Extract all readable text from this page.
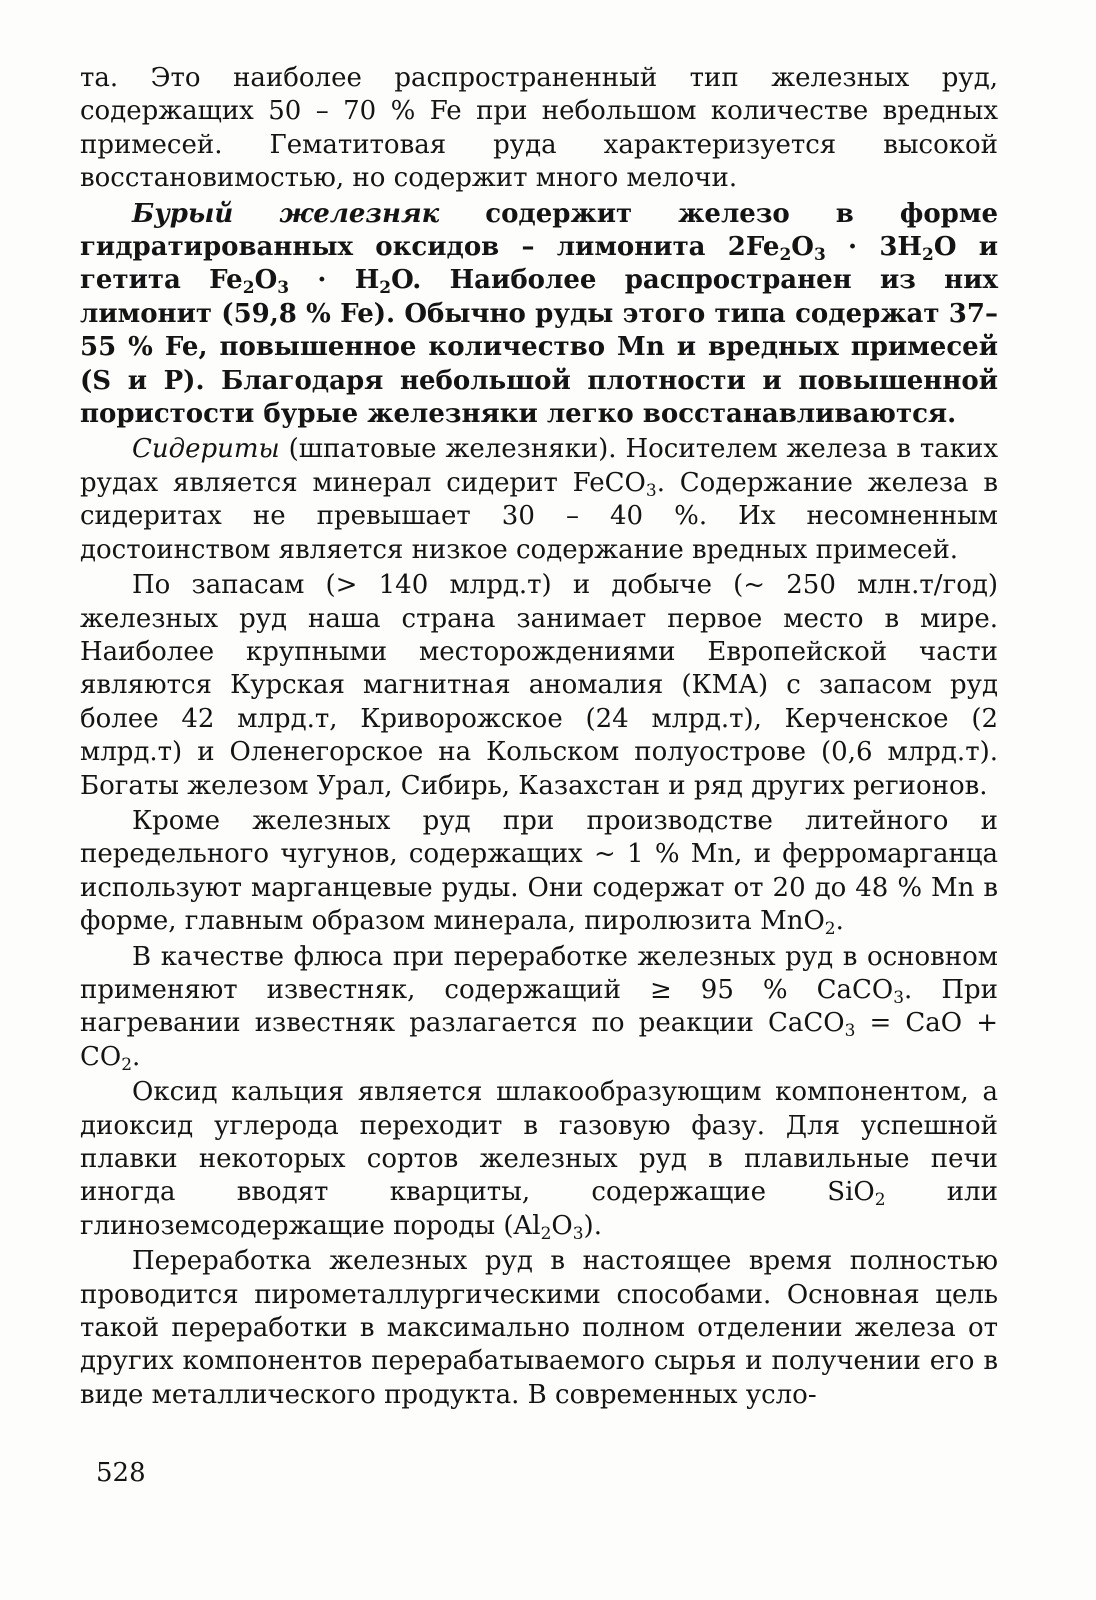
та. Это наиболее распространенный тип железных руд, содержащих 50 – 70 % Fe при небольшом количестве вредных примесей. Гематитовая руда характеризуется высокой восстановимостью, но содержит много мелочи.

Бурый железняк содержит железо в форме гидратированных оксидов – лимонита $2Fe_2O_3 \cdot 3H_2O$ и гетита $Fe_2O_3 \cdot H_2O$. Наиболее распространен из них лимонит (59,8 % Fe). Обычно руды этого типа содержат 37–55 % Fe, повышенное количество Mn и вредных примесей (S и P). Благодаря небольшой плотности и повышенной пористости бурые железняки легко восстанавливаются.

Сидериты (шпатовые железняки). Носителем железа в таких рудах является минерал сидерит FeCO$_3$. Содержание железа в сидеритах не превышает 30 – 40 %. Их несомненным достоинством является низкое содержание вредных примесей.

По запасам (> 140 млрд.т) и добыче (~ 250 млн.т/год) железных руд наша страна занимает первое место в мире. Наиболее крупными месторождениями Европейской части являются Курская магнитная аномалия (КМА) с запасом руд более 42 млрд.т, Криворожское (24 млрд.т), Керченское (2 млрд.т) и Оленегорское на Кольском полуострове (0,6 млрд.т). Богаты железом Урал, Сибирь, Казахстан и ряд других регионов.

Кроме железных руд при производстве литейного и передельного чугунов, содержащих ~ 1 % Mn, и ферромарганца используют марганцевые руды. Они содержат от 20 до 48 % Mn в форме, главным образом минерала, пиролюзита MnO$_2$.

В качестве флюса при переработке железных руд в основном применяют известняк, содержащий ≥ 95 % CaCO$_3$. При нагревании известняк разлагается по реакции CaCO$_3$ = CaO + $CO_2$.

Оксид кальция является шлакообразующим компонентом, а диоксид углерода переходит в газовую фазу. Для успешной плавки некоторых сортов железных руд в плавильные печи иногда вводят кварциты, содержащие SiO$_2$ или глиноземсодержащие породы $(Al_2O_3)$.

Переработка железных руд в настоящее время полностью проводится пирометаллургическими способами. Основная цель такой переработки в максимально полном отделении железа от других компонентов перерабатываемого сырья и получении его в виде металлического продукта. В современных усло-

528
